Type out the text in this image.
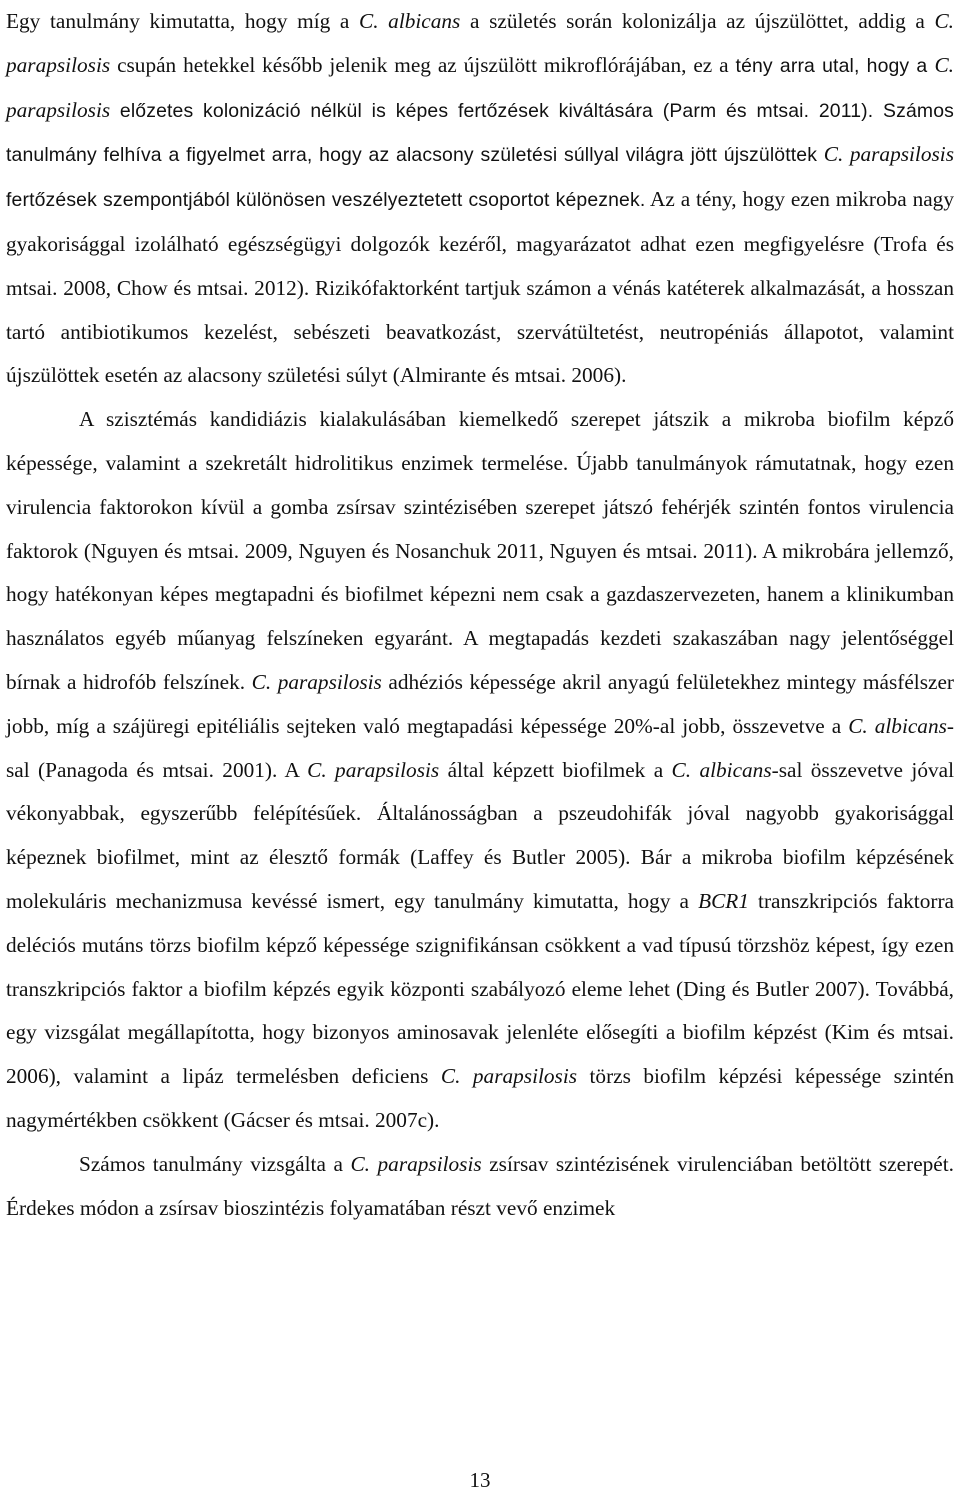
Egy tanulmány kimutatta, hogy míg a C. albicans a születés során kolonizálja az újszülöttet, addig a C. parapsilosis csupán hetekkel később jelenik meg az újszülött mikroflórájában, ez a tény arra utal, hogy a C. parapsilosis előzetes kolonizáció nélkül is képes fertőzések kiváltására (Parm és mtsai. 2011). Számos tanulmány felhíva a figyelmet arra, hogy az alacsony születési súllyal világra jött újszülöttek C. parapsilosis fertőzések szempontjából különösen veszélyeztetett csoportot képeznek. Az a tény, hogy ezen mikroba nagy gyakorisággal izolálható egészségügyi dolgozók kezéről, magyarázatot adhat ezen megfigyelésre (Trofa és mtsai. 2008, Chow és mtsai. 2012). Rizikófaktorként tartjuk számon a vénás katéterek alkalmazását, a hosszan tartó antibiotikumos kezelést, sebészeti beavatkozást, szervátültetést, neutropéniás állapotot, valamint újszülöttek esetén az alacsony születési súlyt (Almirante és mtsai. 2006).

A szisztémás kandidiázis kialakulásában kiemelkedő szerepet játszik a mikroba biofilm képző képessége, valamint a szekretált hidrolitikus enzimek termelése. Újabb tanulmányok rámutatnak, hogy ezen virulencia faktorokon kívül a gomba zsírsav szintézisében szerepet játszó fehérjék szintén fontos virulencia faktorok (Nguyen és mtsai. 2009, Nguyen és Nosanchuk 2011, Nguyen és mtsai. 2011). A mikrobára jellemző, hogy hatékonyan képes megtapadni és biofilmet képezni nem csak a gazdaszervezeten, hanem a klinikumban használatos egyéb műanyag felszíneken egyaránt. A megtapadás kezdeti szakaszában nagy jelentőséggel bírnak a hidrofób felszínek. C. parapsilosis adhéziós képessége akril anyagú felületekhez mintegy másfélszer jobb, míg a szájüregi epitéliális sejteken való megtapadási képessége 20%-al jobb, összevetve a C. albicans-sal (Panagoda és mtsai. 2001). A C. parapsilosis által képzett biofilmek a C. albicans-sal összevetve jóval vékonyabbak, egyszerűbb felépítésűek. Általánosságban a pszeudohifák jóval nagyobb gyakorisággal képeznek biofilmet, mint az élesztő formák (Laffey és Butler 2005). Bár a mikroba biofilm képzésének molekuláris mechanizmusa kevéssé ismert, egy tanulmány kimutatta, hogy a BCR1 transzkripciós faktorra deléciós mutáns törzs biofilm képző képessége szignifikánsan csökkent a vad típusú törzshöz képest, így ezen transzkripciós faktor a biofilm képzés egyik központi szabályozó eleme lehet (Ding és Butler 2007). Továbbá, egy vizsgálat megállapította, hogy bizonyos aminosavak jelenléte elősegíti a biofilm képzést (Kim és mtsai. 2006), valamint a lipáz termelésben deficiens C. parapsilosis törzs biofilm képzési képessége szintén nagymértékben csökkent (Gácser és mtsai. 2007c).

Számos tanulmány vizsgálta a C. parapsilosis zsírsav szintézisének virulenciában betöltött szerepét. Érdekes módon a zsírsav bioszintézis folyamatában részt vevő enzimek

13
